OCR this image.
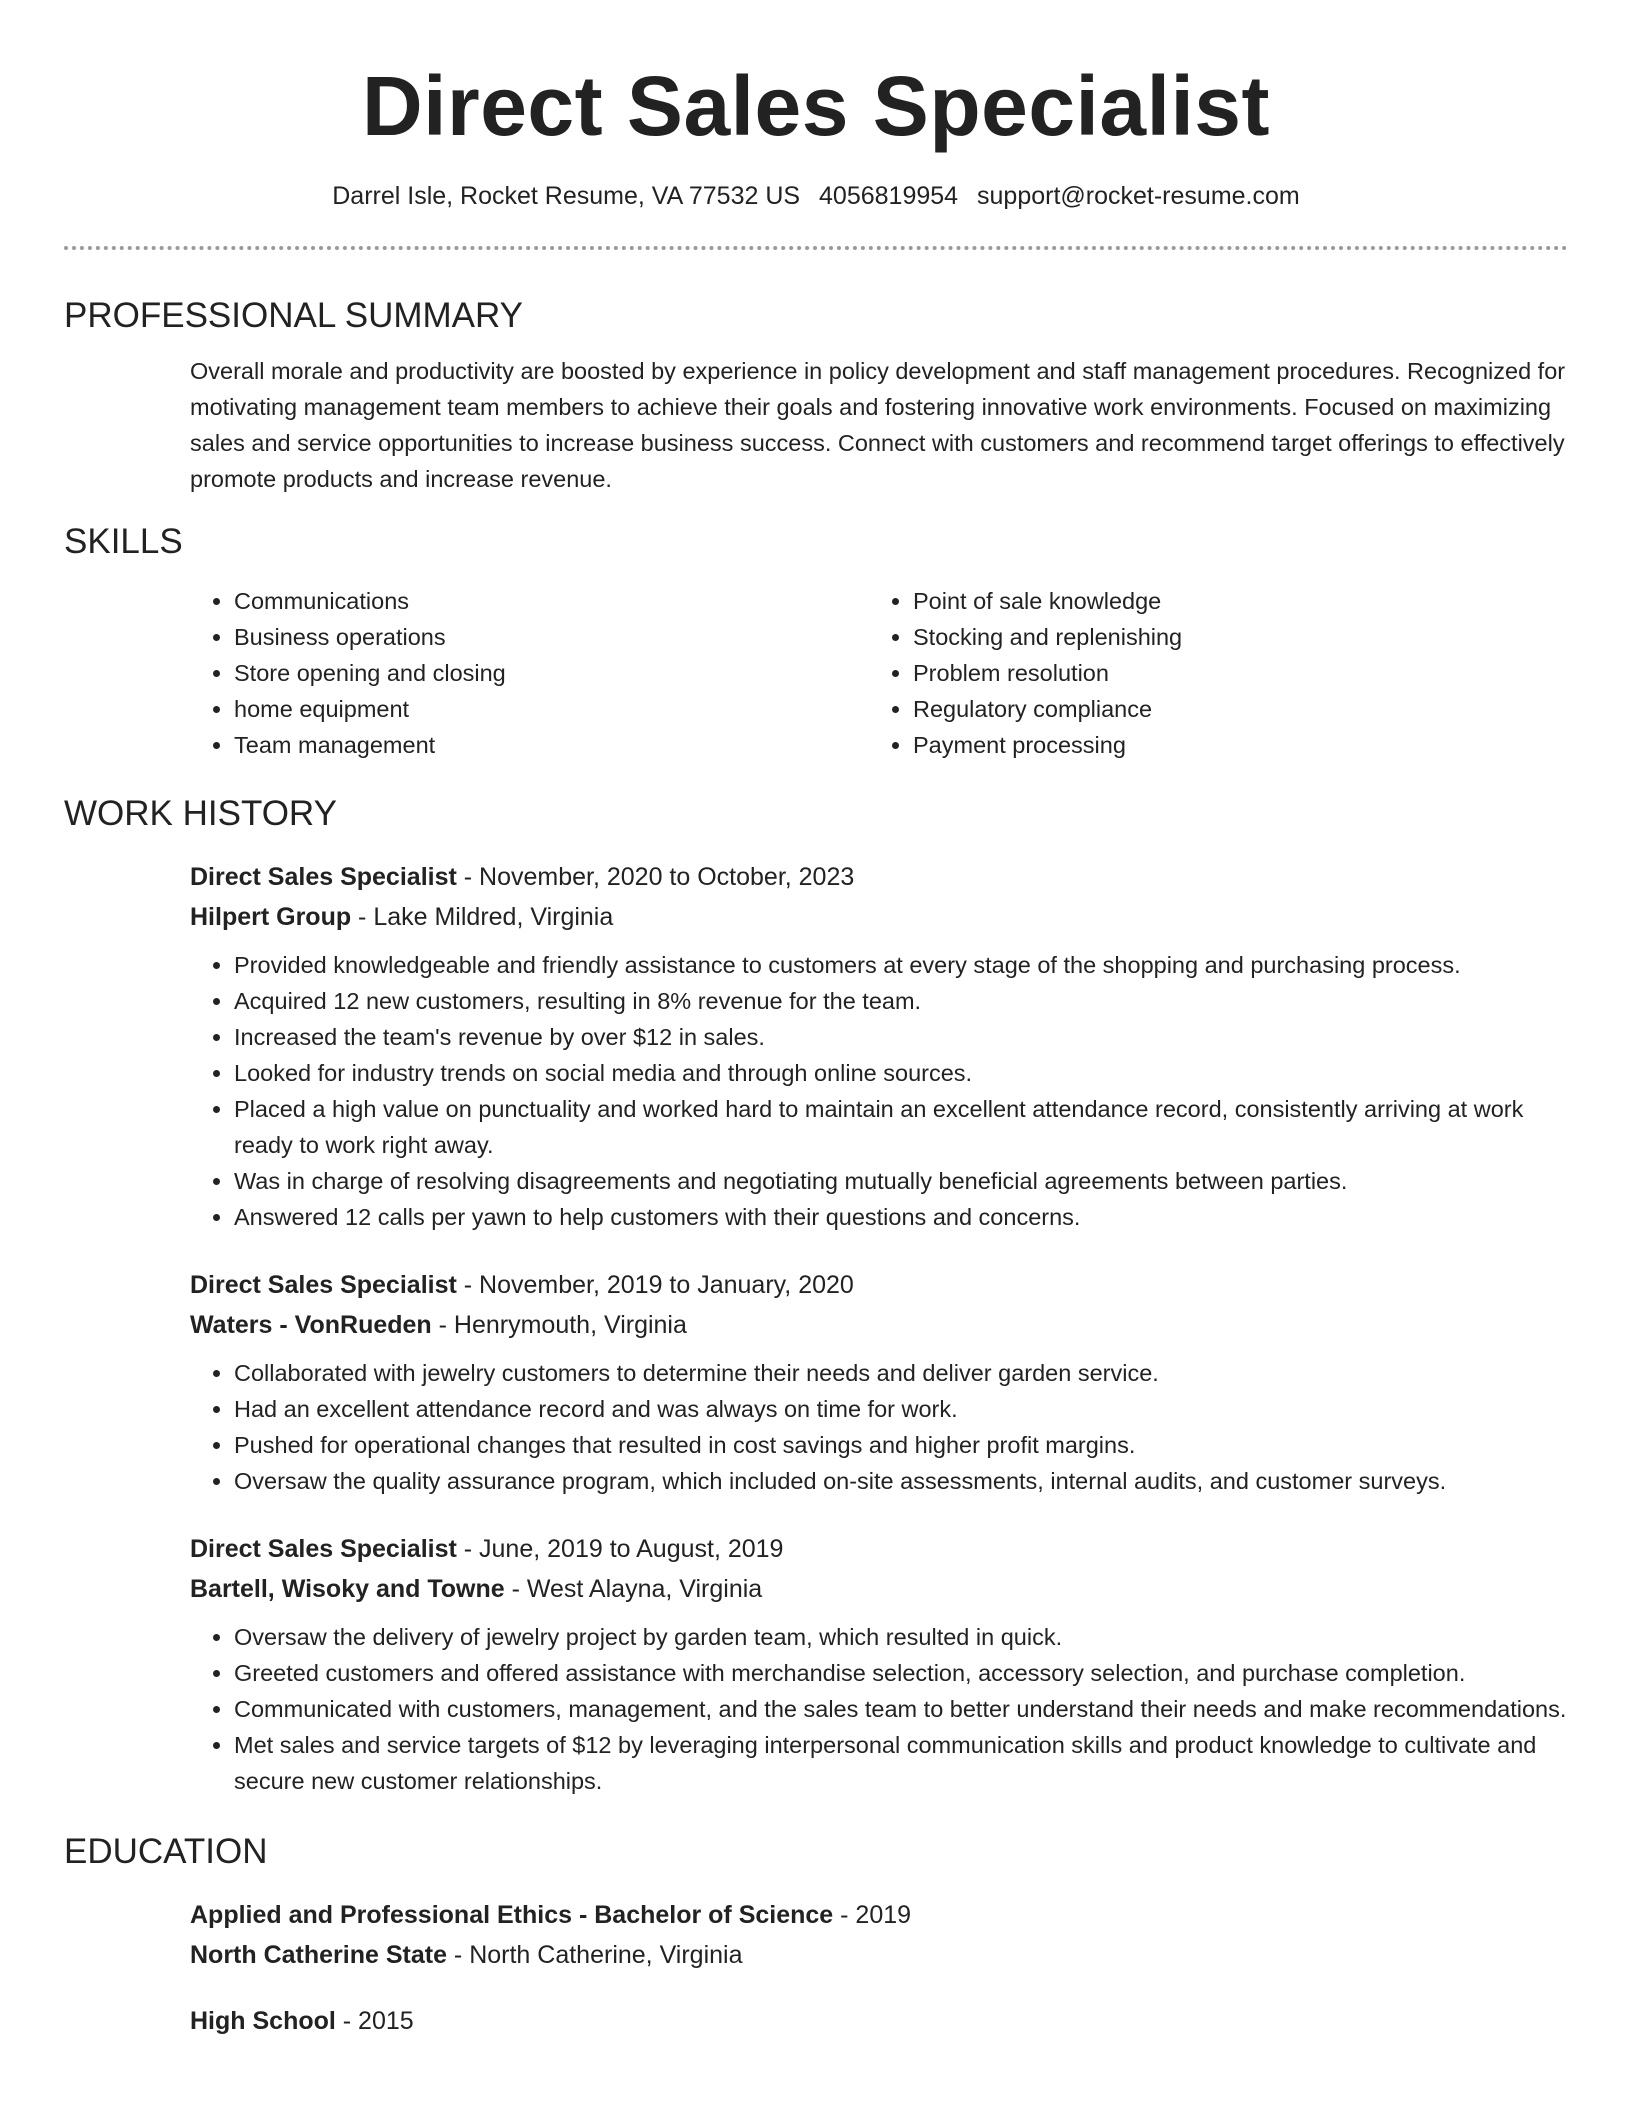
Direct Sales Specialist
Darrel Isle, Rocket Resume, VA 77532 US 4056819954 support@rocket-resume.com
PROFESSIONAL SUMMARY

Overall morale and productivity are boosted by experience in policy development and staff management procedures. Recognized for motivating management team members to achieve their goals and fostering innovative work environments. Focused on maximizing sales and service opportunities to increase business success. Connect with customers and recommend target offerings to effectively promote products and increase revenue.

SKILLS
• Communications
• Business operations
• Store opening and closing
• home equipment
• Team management
• Point of sale knowledge
• Stocking and replenishing
• Problem resolution
• Regulatory compliance
• Payment processing
WORK HISTORY
Direct Sales Specialist - November, 2020 to October, 2023
Hilpert Group - Lake Mildred, Virginia
• Provided knowledgeable and friendly assistance to customers at every stage of the shopping and purchasing process.
• Acquired 12 new customers, resulting in 8% revenue for the team.
• Increased the team's revenue by over $12 in sales.
• Looked for industry trends on social media and through online sources.
• Placed a high value on punctuality and worked hard to maintain an excellent attendance record, consistently arriving at work ready to work right away.
• Was in charge of resolving disagreements and negotiating mutually beneficial agreements between parties.
• Answered 12 calls per yawn to help customers with their questions and concerns.
Direct Sales Specialist - November, 2019 to January, 2020
Waters - VonRueden - Henrymouth, Virginia
• Collaborated with jewelry customers to determine their needs and deliver garden service.
• Had an excellent attendance record and was always on time for work.
• Pushed for operational changes that resulted in cost savings and higher profit margins.
• Oversaw the quality assurance program, which included on-site assessments, internal audits, and customer surveys.
Direct Sales Specialist - June, 2019 to August, 2019
Bartell, Wisoky and Towne - West Alayna, Virginia
• Oversaw the delivery of jewelry project by garden team, which resulted in quick.
• Greeted customers and offered assistance with merchandise selection, accessory selection, and purchase completion.
• Communicated with customers, management, and the sales team to better understand their needs and make recommendations.
• Met sales and service targets of $12 by leveraging interpersonal communication skills and product knowledge to cultivate and secure new customer relationships.
EDUCATION
Applied and Professional Ethics - Bachelor of Science - 2019
North Catherine State - North Catherine, Virginia
High School - 2015
